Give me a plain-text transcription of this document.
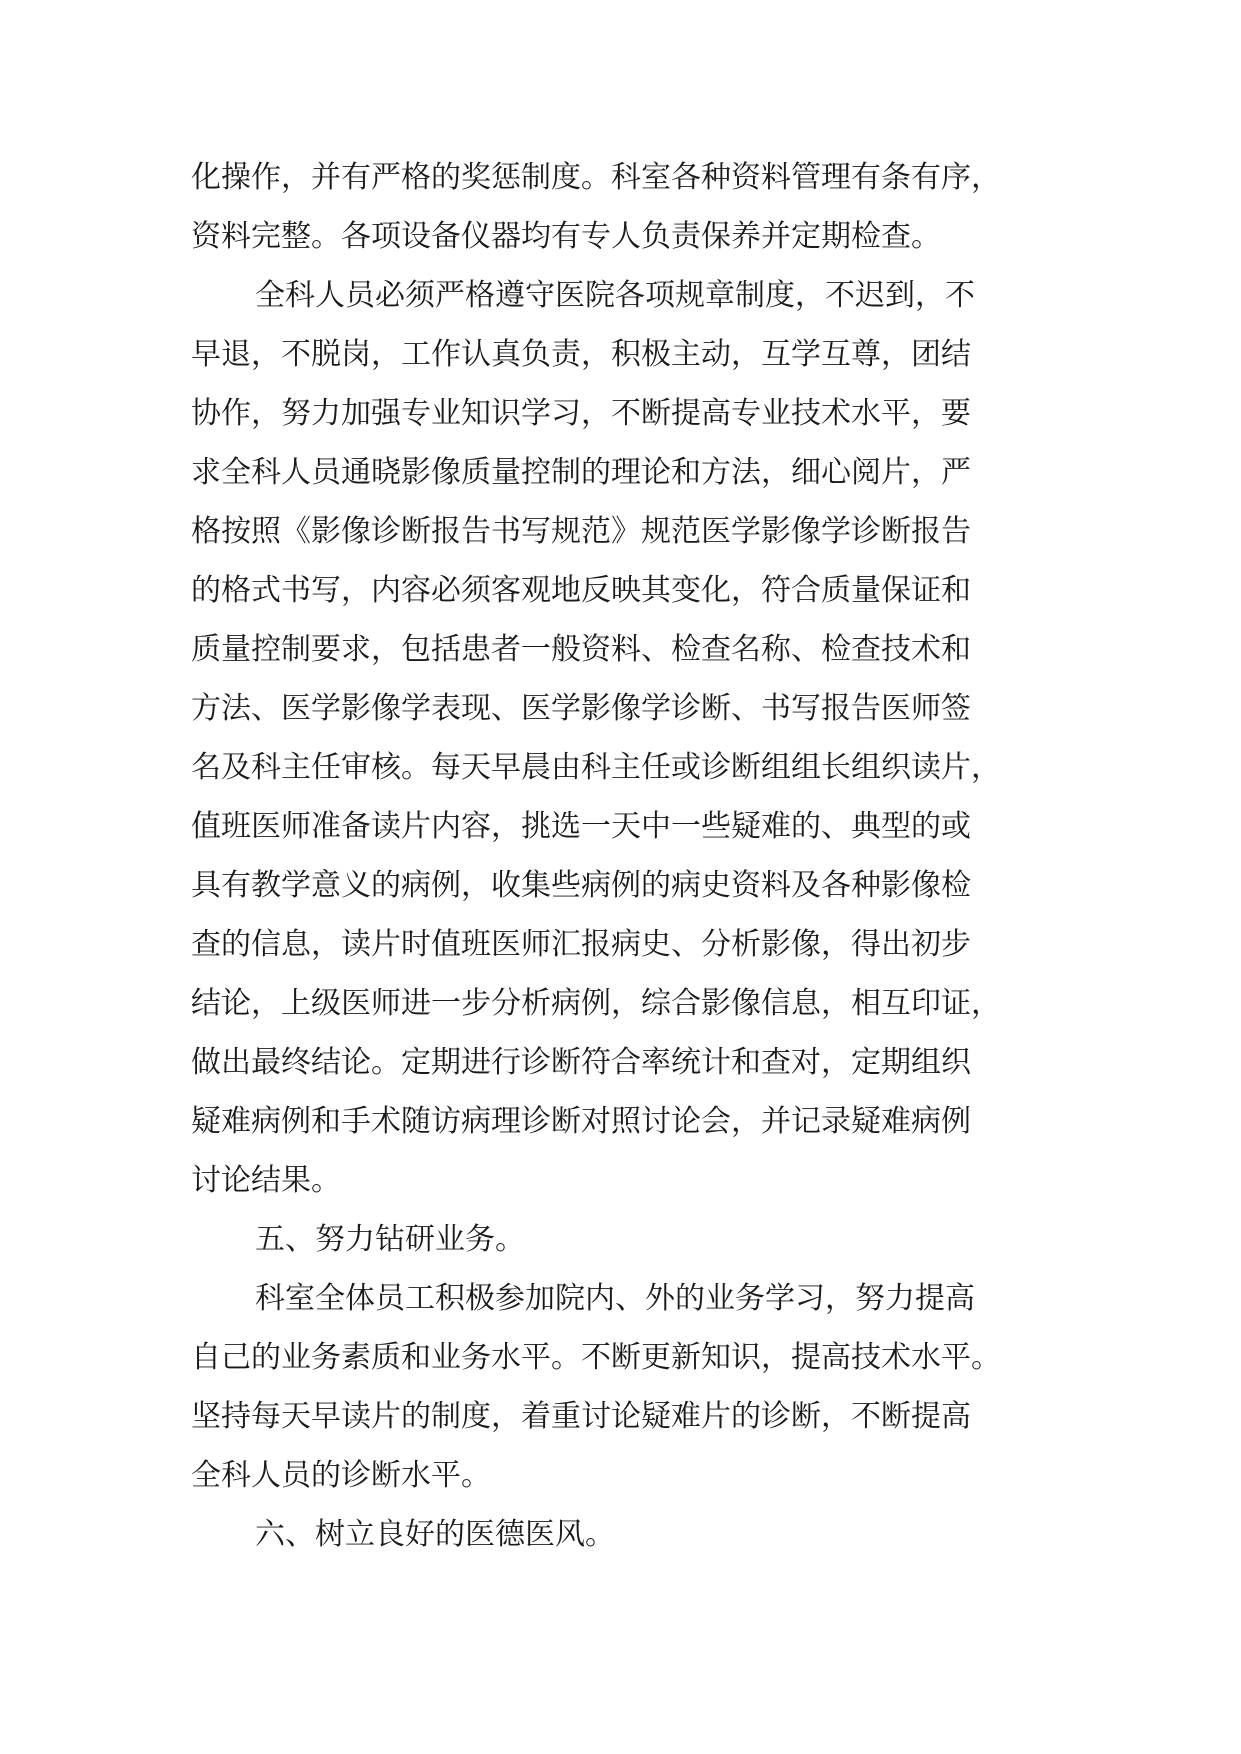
化操作，并有严格的奖惩制度。科室各种资料管理有条有序，
资料完整。各项设备仪器均有专人负责保养并定期检查。
全科人员必须严格遵守医院各项规章制度，不迟到，不
早退，不脱岗，工作认真负责，积极主动，互学互尊，团结
协作，努力加强专业知识学习，不断提高专业技术水平，要
求全科人员通晓影像质量控制的理论和方法，细心阅片，严
格按照《影像诊断报告书写规范》规范医学影像学诊断报告
的格式书写，内容必须客观地反映其变化，符合质量保证和
质量控制要求，包括患者一般资料、检查名称、检查技术和
方法、医学影像学表现、医学影像学诊断、书写报告医师签
名及科主任审核。每天早晨由科主任或诊断组组长组织读片，
值班医师准备读片内容，挑选一天中一些疑难的、典型的或
具有教学意义的病例，收集些病例的病史资料及各种影像检
查的信息，读片时值班医师汇报病史、分析影像，得出初步
结论，上级医师进一步分析病例，综合影像信息，相互印证，
做出最终结论。定期进行诊断符合率统计和查对，定期组织
疑难病例和手术随访病理诊断对照讨论会，并记录疑难病例
讨论结果。
五、努力钻研业务。
科室全体员工积极参加院内、外的业务学习，努力提高
自己的业务素质和业务水平。不断更新知识，提高技术水平。
坚持每天早读片的制度，着重讨论疑难片的诊断，不断提高
全科人员的诊断水平。
六、树立良好的医德医风。
